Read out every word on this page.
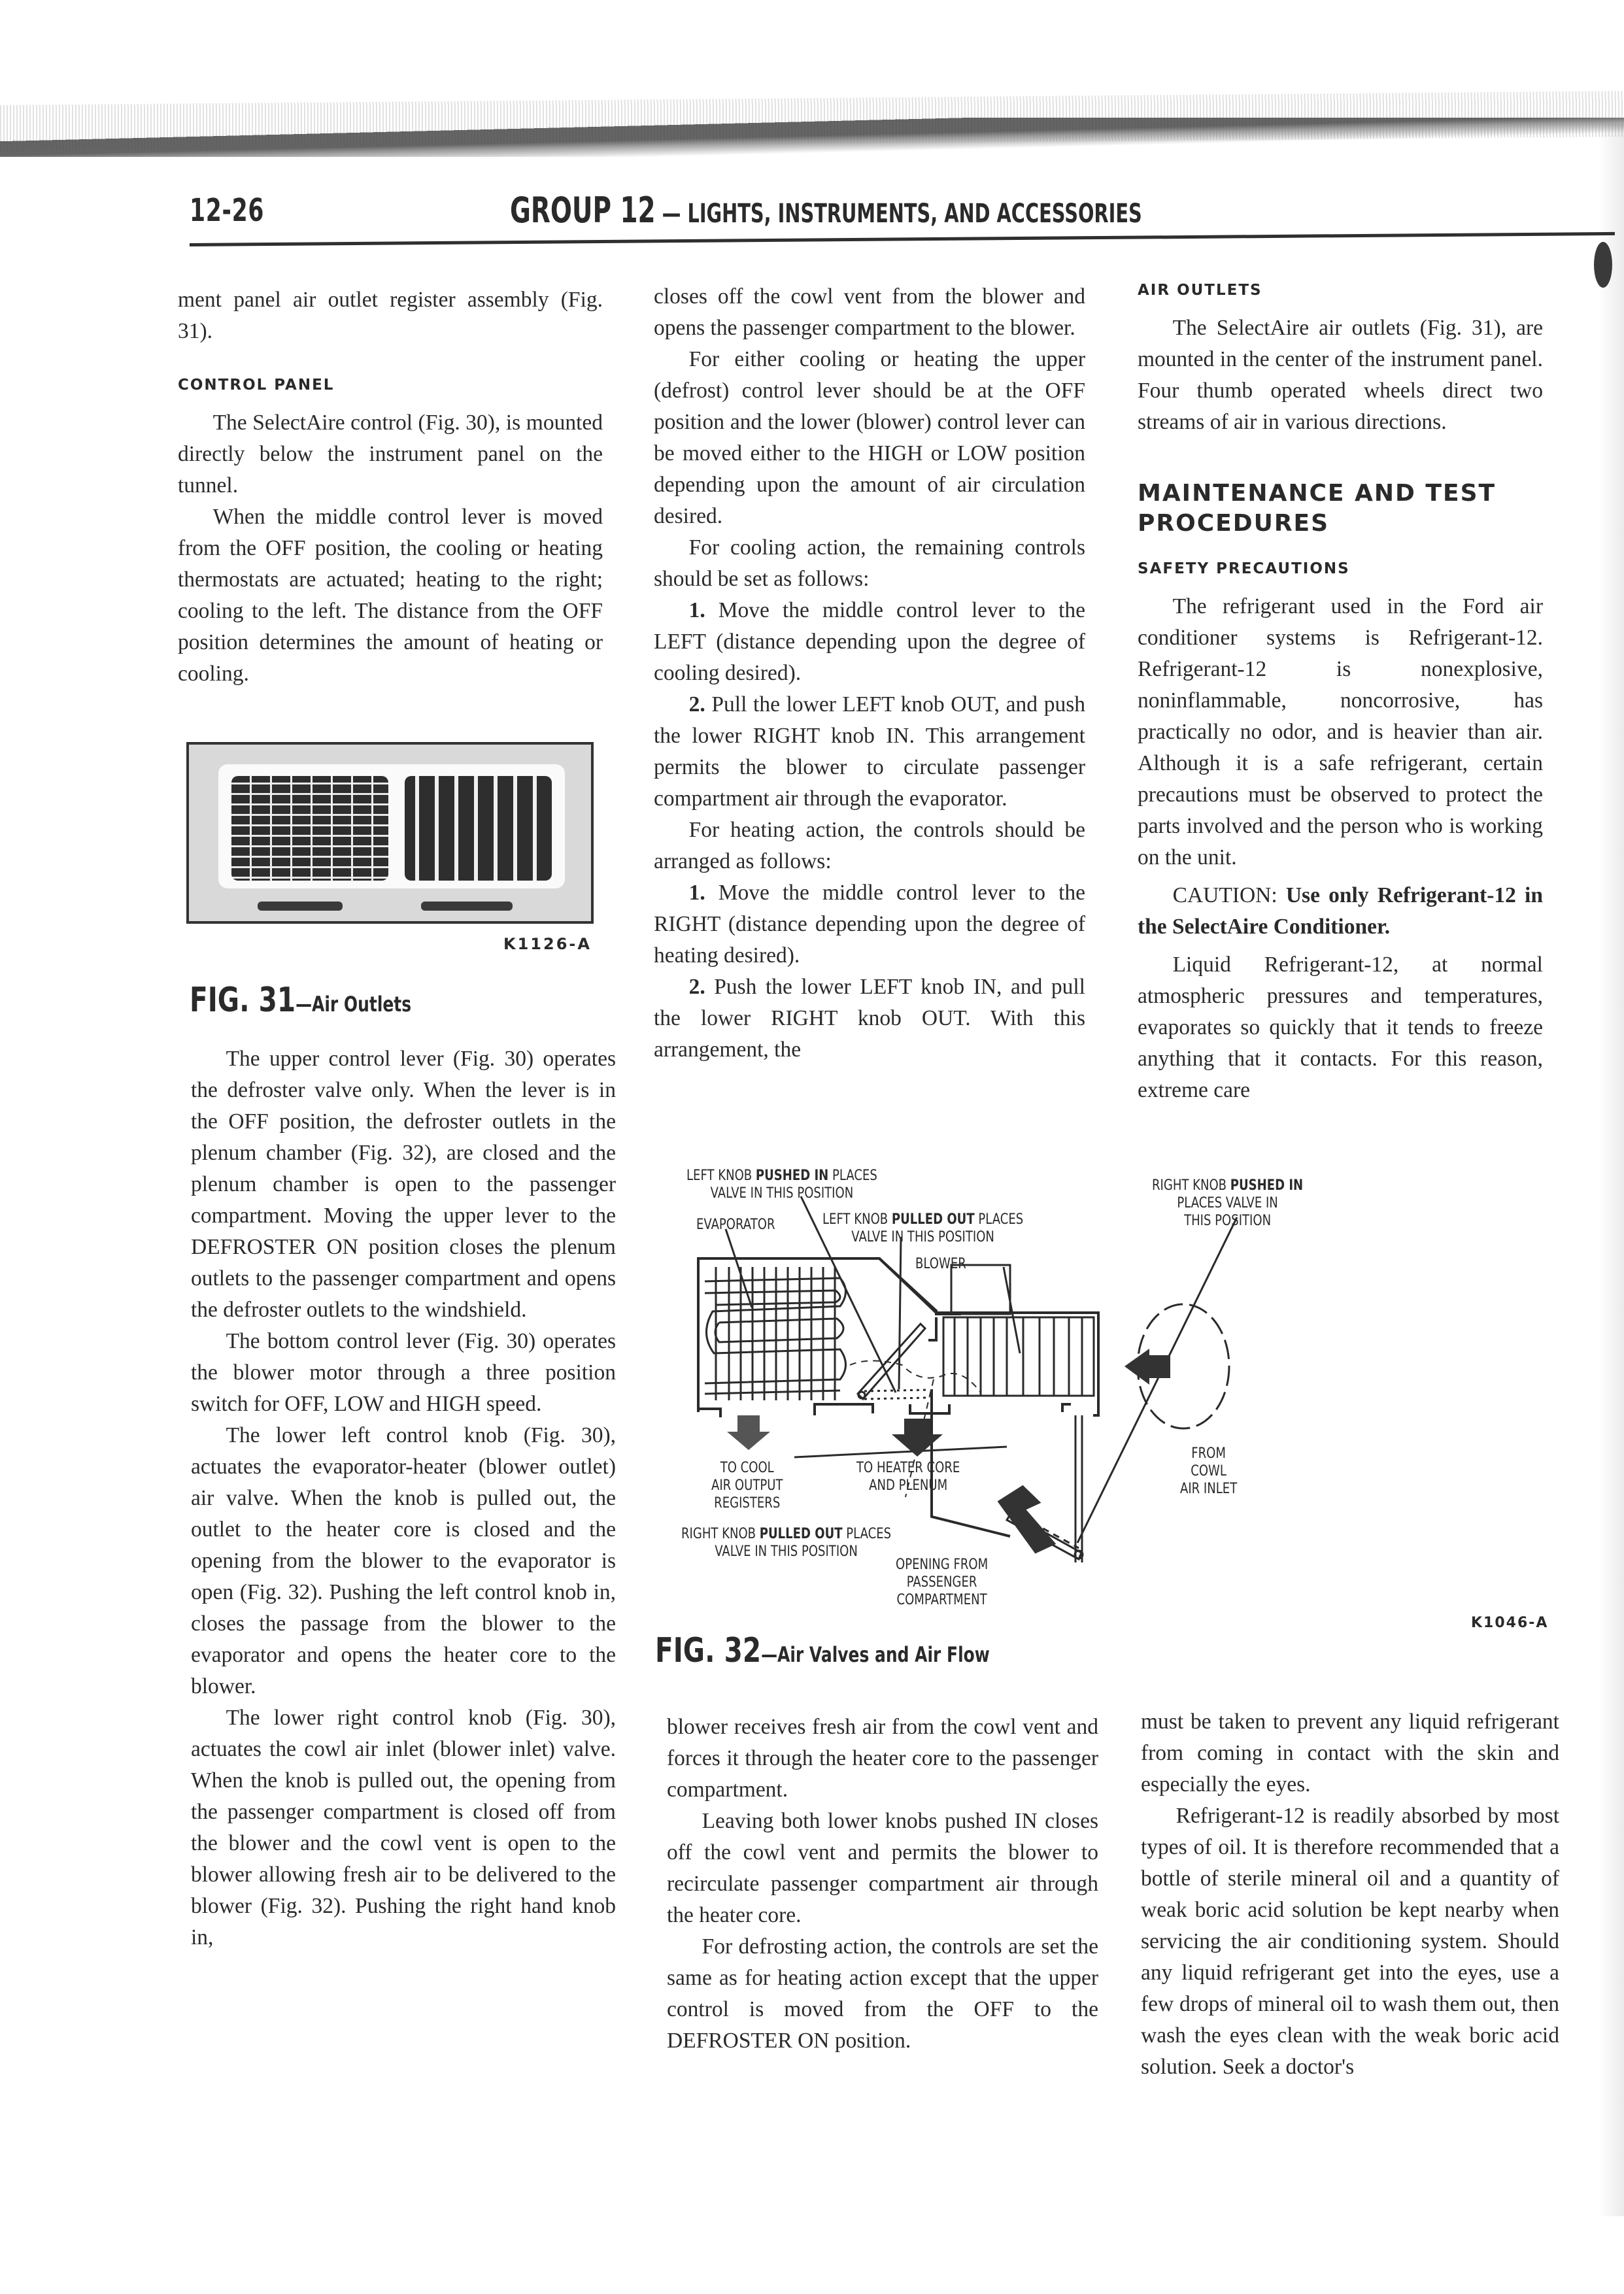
12-26	GROUP 12 — LIGHTS, INSTRUMENTS, AND ACCESSORIES

ment panel air outlet register assembly (Fig. 31).

CONTROL PANEL

The SelectAire control (Fig. 30), is mounted directly below the instrument panel on the tunnel.

When the middle control lever is moved from the OFF position, the cooling or heating thermostats are actuated; heating to the right; cooling to the left. The distance from the OFF position determines the amount of heating or cooling.

K1126-A
FIG. 31—Air Outlets

The upper control lever (Fig. 30) operates the defroster valve only. When the lever is in the OFF position, the defroster outlets in the plenum chamber (Fig. 32), are closed and the plenum chamber is open to the passenger compartment. Moving the upper lever to the DEFROSTER ON position closes the plenum outlets to the passenger compartment and opens the defroster outlets to the windshield.

The bottom control lever (Fig. 30) operates the blower motor through a three position switch for OFF, LOW and HIGH speed.

The lower left control knob (Fig. 30), actuates the evaporator-heater (blower outlet) air valve. When the knob is pulled out, the outlet to the heater core is closed and the opening from the blower to the evaporator is open (Fig. 32). Pushing the left control knob in, closes the passage from the blower to the evaporator and opens the heater core to the blower.

The lower right control knob (Fig. 30), actuates the cowl air inlet (blower inlet) valve. When the knob is pulled out, the opening from the passenger compartment is closed off from the blower and the cowl vent is open to the blower allowing fresh air to be delivered to the blower (Fig. 32). Pushing the right hand knob in,

closes off the cowl vent from the blower and opens the passenger compartment to the blower.

For either cooling or heating the upper (defrost) control lever should be at the OFF position and the lower (blower) control lever can be moved either to the HIGH or LOW position depending upon the amount of air circulation desired.

For cooling action, the remaining controls should be set as follows:

1. Move the middle control lever to the LEFT (distance depending upon the degree of cooling desired).

2. Pull the lower LEFT knob OUT, and push the lower RIGHT knob IN. This arrangement permits the blower to circulate passenger compartment air through the evaporator.

For heating action, the controls should be arranged as follows:

1. Move the middle control lever to the RIGHT (distance depending upon the degree of heating desired).

2. Push the lower LEFT knob IN, and pull the lower RIGHT knob OUT. With this arrangement, the

AIR OUTLETS

The SelectAire air outlets (Fig. 31), are mounted in the center of the instrument panel. Four thumb operated wheels direct two streams of air in various directions.

MAINTENANCE AND TEST PROCEDURES
SAFETY PRECAUTIONS

The refrigerant used in the Ford air conditioner systems is Refrigerant-12. Refrigerant-12 is nonexplosive, noninflammable, noncorrosive, has practically no odor, and is heavier than air. Although it is a safe refrigerant, certain precautions must be observed to protect the parts involved and the person who is working on the unit.

CAUTION: Use only Refrigerant-12 in the SelectAire Conditioner.

Liquid Refrigerant-12, at normal atmospheric pressures and temperatures, evaporates so quickly that it tends to freeze anything that it contacts. For this reason, extreme care

LEFT KNOB PUSHED IN PLACES
VALVE IN THIS POSITION
EVAPORATOR	LEFT KNOB PULLED OUT PLACES
VALVE IN THIS POSITION
BLOWER
RIGHT KNOB PUSHED IN
PLACES VALVE IN
THIS POSITION
TO COOL
AIR OUTPUT
REGISTERS
TO HEATER CORE
AND PLENUM
FROM
COWL
AIR INLET
RIGHT KNOB PULLED OUT PLACES
VALVE IN THIS POSITION
OPENING FROM
PASSENGER
COMPARTMENT
K1046-A
FIG. 32—Air Valves and Air Flow

blower receives fresh air from the cowl vent and forces it through the heater core to the passenger compartment.

Leaving both lower knobs pushed IN closes off the cowl vent and permits the blower to recirculate passenger compartment air through the heater core.

For defrosting action, the controls are set the same as for heating action except that the upper control is moved from the OFF to the DEFROSTER ON position.

must be taken to prevent any liquid refrigerant from coming in contact with the skin and especially the eyes.

Refrigerant-12 is readily absorbed by most types of oil. It is therefore recommended that a bottle of sterile mineral oil and a quantity of weak boric acid solution be kept nearby when servicing the air conditioning system. Should any liquid refrigerant get into the eyes, use a few drops of mineral oil to wash them out, then wash the eyes clean with the weak boric acid solution. Seek a doctor's
